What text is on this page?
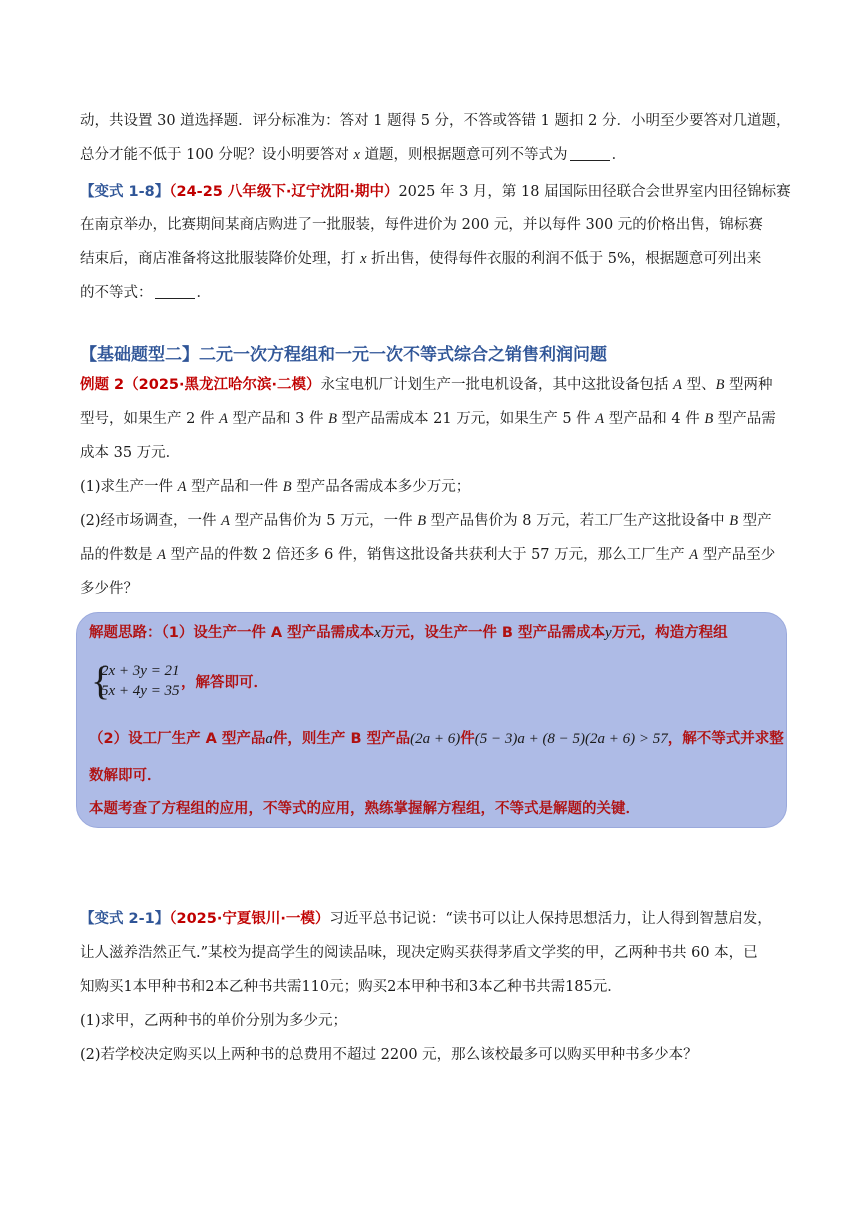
动，共设置 30 道选择题．评分标准为：答对 1 题得 5 分，不答或答错 1 题扣 2 分．小明至少要答对几道题，
总分才能不低于 100 分呢？设小明要答对 x 道题，则根据题意可列不等式为	．
【变式 1-8】（24-25 八年级下·辽宁沈阳·期中）2025 年 3 月，第 18 届国际田径联合会世界室内田径锦标赛
在南京举办，比赛期间某商店购进了一批服装，每件进价为 200 元，并以每件 300 元的价格出售，锦标赛
结束后，商店准备将这批服装降价处理，打 x 折出售，使得每件衣服的利润不低于 5%，根据题意可列出来
的不等式：	．
【基础题型二】二元一次方程组和一元一次不等式综合之销售利润问题
例题 2（2025·黑龙江哈尔滨·二模）永宝电机厂计划生产一批电机设备，其中这批设备包括 A 型、B 型两种
型号，如果生产 2 件 A 型产品和 3 件 B 型产品需成本 21 万元，如果生产 5 件 A 型产品和 4 件 B 型产品需
成本 35 万元．
(1)求生产一件 A 型产品和一件 B 型产品各需成本多少万元；
(2)经市场调查，一件 A 型产品售价为 5 万元，一件 B 型产品售价为 8 万元，若工厂生产这批设备中 B 型产
品的件数是 A 型产品的件数 2 倍还多 6 件，销售这批设备共获利大于 57 万元，那么工厂生产 A 型产品至少
多少件？
解题思路：（1）设生产一件 A 型产品需成本x万元，设生产一件 B 型产品需成本y万元，构造方程组
{
2x + 3y = 21
5x + 4y = 35 ，解答即可．
（2）设工厂生产 A 型产品a件，则生产 B 型产品(2a + 6)件(5 − 3)a + (8 − 5)(2a + 6) > 57，解不等式并求整
数解即可．
本题考查了方程组的应用，不等式的应用，熟练掌握解方程组，不等式是解题的关键．
【变式 2-1】（2025·宁夏银川·一模）习近平总书记说：“读书可以让人保持思想活力，让人得到智慧启发，
让人滋养浩然正气.”某校为提高学生的阅读品味，现决定购买获得茅盾文学奖的甲，乙两种书共 60 本，已
知购买1本甲种书和2本乙种书共需110元；购买2本甲种书和3本乙种书共需185元．
(1)求甲，乙两种书的单价分别为多少元；
(2)若学校决定购买以上两种书的总费用不超过 2200 元，那么该校最多可以购买甲种书多少本？
